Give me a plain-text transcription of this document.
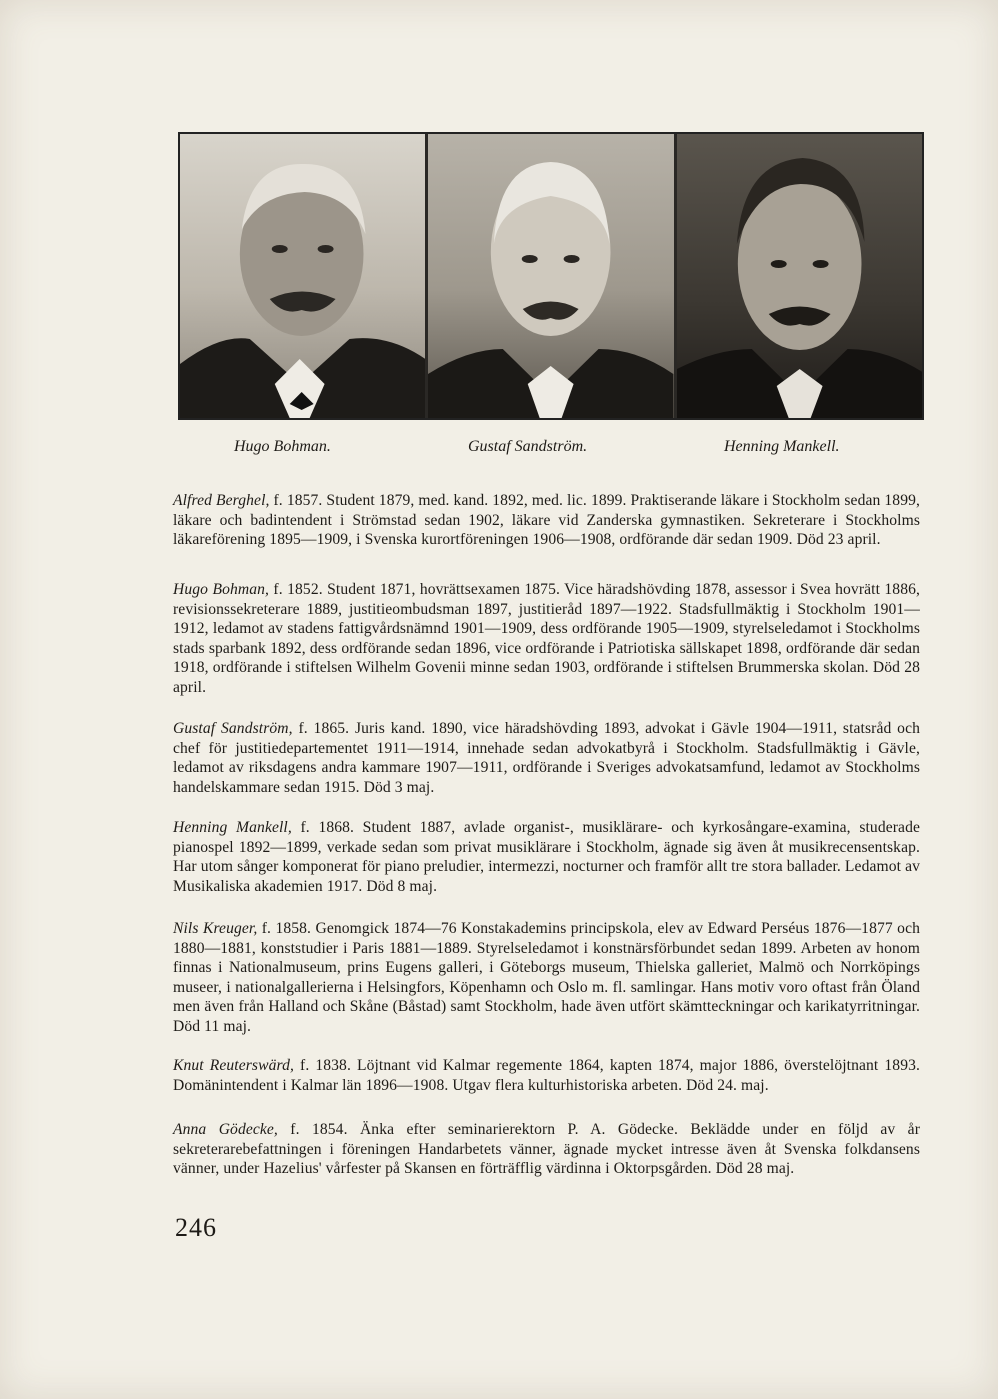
Hugo Bohman.	Gustaf Sandström.	Henning Mankell.
Alfred Berghel, f. 1857. Student 1879, med. kand. 1892, med. lic. 1899. Praktiserande läkare i Stockholm sedan 1899, läkare och badintendent i Strömstad sedan 1902, läkare vid Zanderska gymnastiken. Sekreterare i Stockholms läkareförening 1895—1909, i Svenska kurortföreningen 1906—1908, ordförande där sedan 1909. Död 23 april.
Hugo Bohman, f. 1852. Student 1871, hovrättsexamen 1875. Vice häradshövding 1878, assessor i Svea hovrätt 1886, revisionssekreterare 1889, justitieombudsman 1897, justitieråd 1897—1922. Stadsfullmäktig i Stockholm 1901—1912, ledamot av stadens fattigvårdsnämnd 1901—1909, dess ordförande 1905—1909, styrelseledamot i Stockholms stads sparbank 1892, dess ordförande sedan 1896, vice ordförande i Patriotiska sällskapet 1898, ordförande där sedan 1918, ordförande i stiftelsen Wilhelm Govenii minne sedan 1903, ordförande i stiftelsen Brummerska skolan. Död 28 april.
Gustaf Sandström, f. 1865. Juris kand. 1890, vice häradshövding 1893, advokat i Gävle 1904—1911, statsråd och chef för justitiedepartementet 1911—1914, innehade sedan advokatbyrå i Stockholm. Stadsfullmäktig i Gävle, ledamot av riksdagens andra kammare 1907—1911, ordförande i Sveriges advokatsamfund, ledamot av Stockholms handelskammare sedan 1915. Död 3 maj.
Henning Mankell, f. 1868. Student 1887, avlade organist-, musiklärare- och kyrkosångare-examina, studerade pianospel 1892—1899, verkade sedan som privat musiklärare i Stockholm, ägnade sig även åt musikrecensentskap. Har utom sånger komponerat för piano preludier, intermezzi, nocturner och framför allt tre stora ballader. Ledamot av Musikaliska akademien 1917. Död 8 maj.
Nils Kreuger, f. 1858. Genomgick 1874—76 Konstakademins principskola, elev av Edward Perséus 1876—1877 och 1880—1881, konststudier i Paris 1881—1889. Styrelseledamot i konstnärsförbundet sedan 1899. Arbeten av honom finnas i Nationalmuseum, prins Eugens galleri, i Göteborgs museum, Thielska galleriet, Malmö och Norrköpings museer, i nationalgallerierna i Helsingfors, Köpenhamn och Oslo m. fl. samlingar. Hans motiv voro oftast från Öland men även från Halland och Skåne (Båstad) samt Stockholm, hade även utfört skämtteckningar och karikatyrritningar. Död 11 maj.
Knut Reuterswärd, f. 1838. Löjtnant vid Kalmar regemente 1864, kapten 1874, major 1886, överstelöjtnant 1893. Domänintendent i Kalmar län 1896—1908. Utgav flera kulturhistoriska arbeten. Död 24. maj.
Anna Gödecke, f. 1854. Änka efter seminarierektorn P. A. Gödecke. Beklädde under en följd av år sekreterarebefattningen i föreningen Handarbetets vänner, ägnade mycket intresse även åt Svenska folkdansens vänner, under Hazelius' vårfester på Skansen en förträfflig värdinna i Oktorpsgården. Död 28 maj.
246
